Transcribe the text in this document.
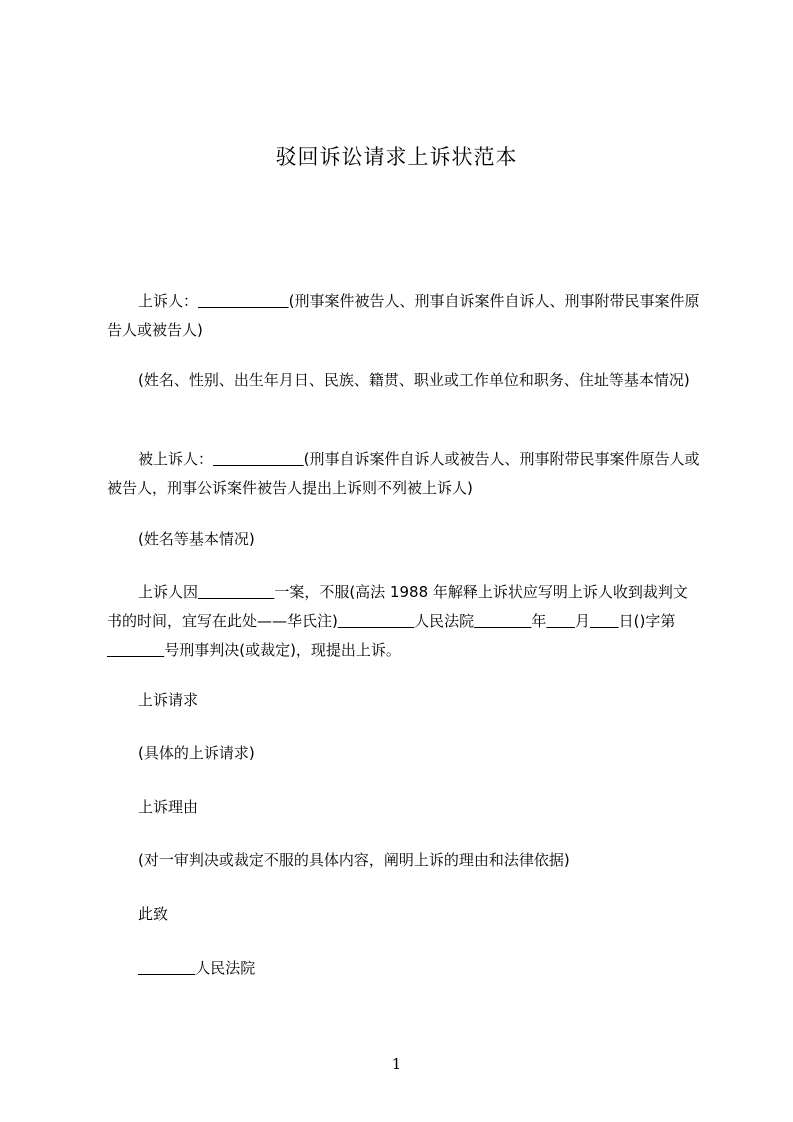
驳回诉讼请求上诉状范本

上诉人：	(刑事案件被告人、刑事自诉案件自诉人、刑事附带民事案件原告人或被告人)

(姓名、性别、出生年月日、民族、籍贯、职业或工作单位和职务、住址等基本情况)

被上诉人：	(刑事自诉案件自诉人或被告人、刑事附带民事案件原告人或被告人，刑事公诉案件被告人提出上诉则不列被上诉人)

(姓名等基本情况)

上诉人因	一案，不服(高法 1988 年解释上诉状应写明上诉人收到裁判文书的时间，宜写在此处——华氏注)	人民法院	年 月 日()字第            号刑事判决(或裁定)，现提出上诉。

上诉请求

(具体的上诉请求)

上诉理由

(对一审判决或裁定不服的具体内容，阐明上诉的理由和法律依据)

此致

人民法院

1
